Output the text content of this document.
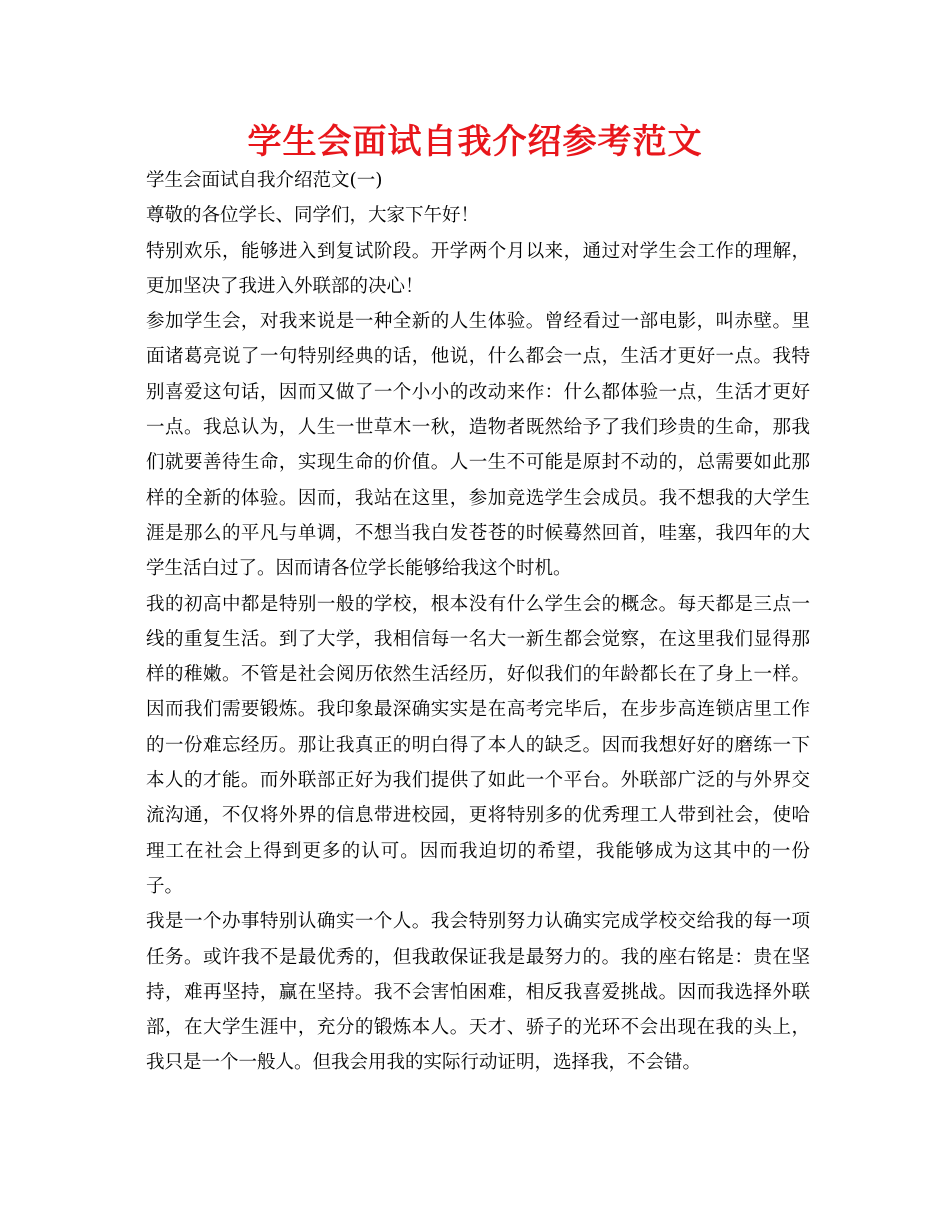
学生会面试自我介绍参考范文
学生会面试自我介绍范文(一)
尊敬的各位学长、同学们，大家下午好！
特别欢乐，能够进入到复试阶段。开学两个月以来，通过对学生会工作的理解，
更加坚决了我进入外联部的决心！
参加学生会，对我来说是一种全新的人生体验。曾经看过一部电影，叫赤壁。里
面诸葛亮说了一句特别经典的话，他说，什么都会一点，生活才更好一点。我特
别喜爱这句话，因而又做了一个小小的改动来作：什么都体验一点，生活才更好
一点。我总认为，人生一世草木一秋，造物者既然给予了我们珍贵的生命，那我
们就要善待生命，实现生命的价值。人一生不可能是原封不动的，总需要如此那
样的全新的体验。因而，我站在这里，参加竞选学生会成员。我不想我的大学生
涯是那么的平凡与单调，不想当我白发苍苍的时候蓦然回首，哇塞，我四年的大
学生活白过了。因而请各位学长能够给我这个时机。
我的初高中都是特别一般的学校，根本没有什么学生会的概念。每天都是三点一
线的重复生活。到了大学，我相信每一名大一新生都会觉察，在这里我们显得那
样的稚嫩。不管是社会阅历依然生活经历，好似我们的年龄都长在了身上一样。
因而我们需要锻炼。我印象最深确实实是在高考完毕后，在步步高连锁店里工作
的一份难忘经历。那让我真正的明白得了本人的缺乏。因而我想好好的磨练一下
本人的才能。而外联部正好为我们提供了如此一个平台。外联部广泛的与外界交
流沟通，不仅将外界的信息带进校园，更将特别多的优秀理工人带到社会，使哈
理工在社会上得到更多的认可。因而我迫切的希望，我能够成为这其中的一份
子。
我是一个办事特别认确实一个人。我会特别努力认确实完成学校交给我的每一项
任务。或许我不是最优秀的，但我敢保证我是最努力的。我的座右铭是：贵在坚
持，难再坚持，赢在坚持。我不会害怕困难，相反我喜爱挑战。因而我选择外联
部，在大学生涯中，充分的锻炼本人。天才、骄子的光环不会出现在我的头上，
我只是一个一般人。但我会用我的实际行动证明，选择我，不会错。
